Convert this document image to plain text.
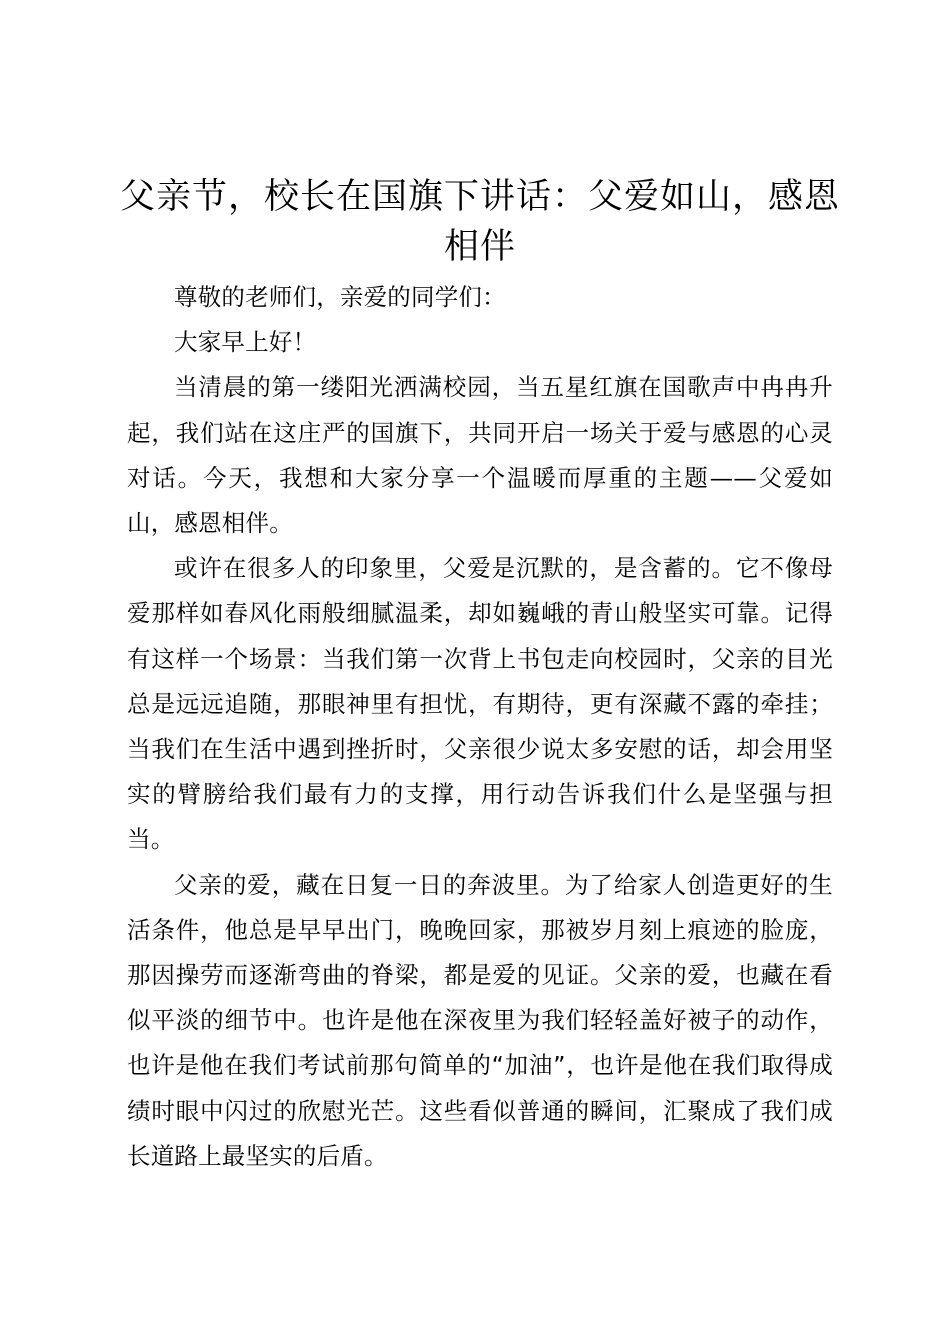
父亲节，校长在国旗下讲话：父爱如山，感恩相伴

尊敬的老师们，亲爱的同学们：

大家早上好！

当清晨的第一缕阳光洒满校园，当五星红旗在国歌声中冉冉升起，我们站在这庄严的国旗下，共同开启一场关于爱与感恩的心灵对话。今天，我想和大家分享一个温暖而厚重的主题——父爱如山，感恩相伴。

或许在很多人的印象里，父爱是沉默的，是含蓄的。它不像母爱那样如春风化雨般细腻温柔，却如巍峨的青山般坚实可靠。记得有这样一个场景：当我们第一次背上书包走向校园时，父亲的目光总是远远追随，那眼神里有担忧，有期待，更有深藏不露的牵挂；当我们在生活中遇到挫折时，父亲很少说太多安慰的话，却会用坚实的臂膀给我们最有力的支撑，用行动告诉我们什么是坚强与担当。

父亲的爱，藏在日复一日的奔波里。为了给家人创造更好的生活条件，他总是早早出门，晚晚回家，那被岁月刻上痕迹的脸庞，那因操劳而逐渐弯曲的脊梁，都是爱的见证。父亲的爱，也藏在看似平淡的细节中。也许是他在深夜里为我们轻轻盖好被子的动作，也许是他在我们考试前那句简单的“加油”，也许是他在我们取得成绩时眼中闪过的欣慰光芒。这些看似普通的瞬间，汇聚成了我们成长道路上最坚实的后盾。
